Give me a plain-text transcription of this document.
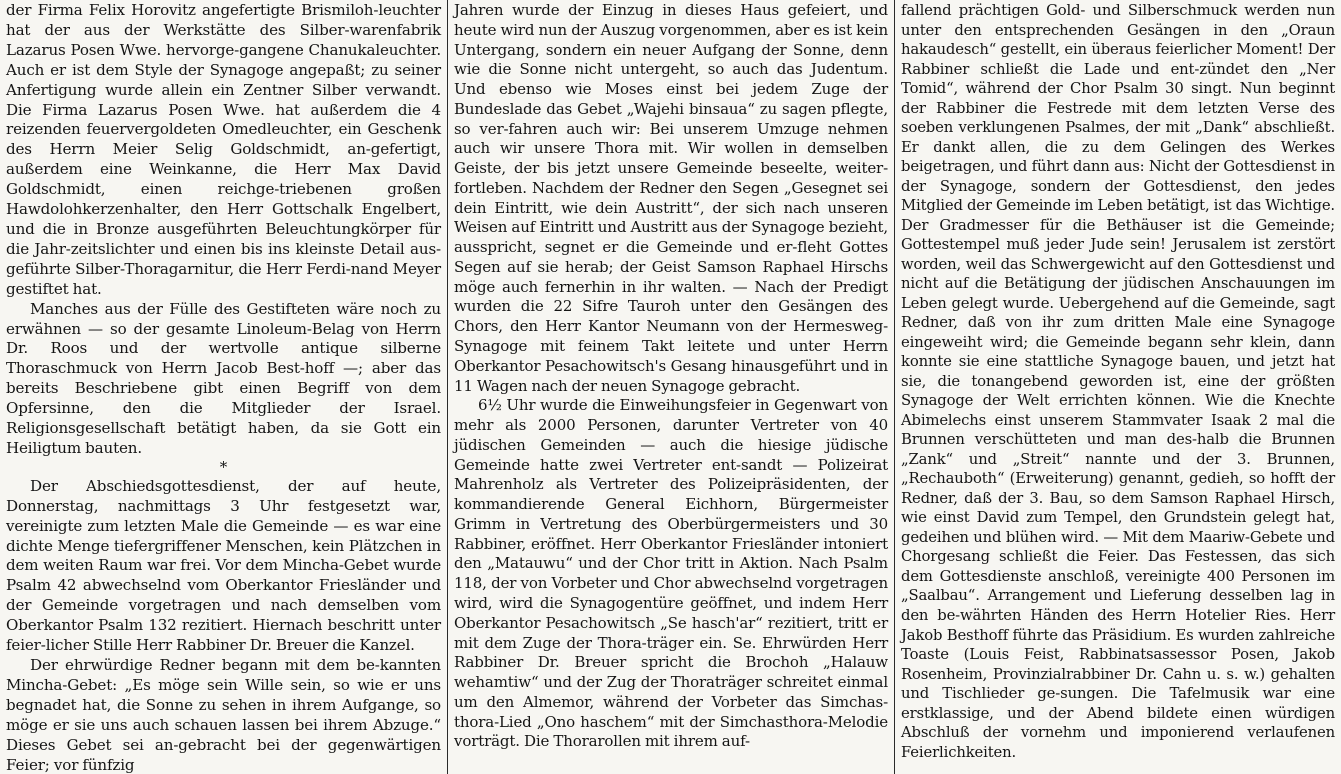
der Firma Felix Horovitz angefertigte Brismiloh-leuchter hat der aus der Werkstätte des Silber-warenfabrik Lazarus Posen Wwe. hervorge-gangene Chanukaleuchter. Auch er ist dem Style der Synagoge angepaßt; zu seiner Anfertigung wurde allein ein Zentner Silber verwandt. Die Firma Lazarus Posen Wwe. hat außerdem die 4 reizenden feuervergoldeten Omedleuchter, ein Geschenk des Herrn Meier Selig Goldschmidt, an-gefertigt, außerdem eine Weinkanne, die Herr Max David Goldschmidt, einen reichge-triebenen großen Hawdolohkerzenhalter, den Herr Gottschalk Engelbert, und die in Bronze ausgeführten Beleuchtungkörper für die Jahr-zeitslichter und einen bis ins kleinste Detail aus-geführte Silber-Thoragarnitur, die Herr Ferdi-nand Meyer gestiftet hat.

Manches aus der Fülle des Gestifteten wäre noch zu erwähnen — so der gesamte Linoleum-Belag von Herrn Dr. Roos und der wertvolle antique silberne Thoraschmuck von Herrn Jacob Best-hoff —; aber das bereits Beschriebene gibt einen Begriff von dem Opfersinne, den die Mitglieder der Israel. Religionsgesellschaft betätigt haben, da sie Gott ein Heiligtum bauten.

*

Der Abschiedsgottesdienst, der auf heute, Donnerstag, nachmittags 3 Uhr festgesetzt war, vereinigte zum letzten Male die Gemeinde — es war eine dichte Menge tiefergriffener Menschen, kein Plätzchen in dem weiten Raum war frei. Vor dem Mincha-Gebet wurde Psalm 42 abwechselnd vom Oberkantor Friesländer und der Gemeinde vorgetragen und nach demselben vom Oberkantor Psalm 132 rezitiert. Hiernach beschritt unter feier-licher Stille Herr Rabbiner Dr. Breuer die Kanzel.

Der ehrwürdige Redner begann mit dem be-kannten Mincha-Gebet: „Es möge sein Wille sein, so wie er uns begnadet hat, die Sonne zu sehen in ihrem Aufgange, so möge er sie uns auch schauen lassen bei ihrem Abzuge.“ Dieses Gebet sei an-gebracht bei der gegenwärtigen Feier; vor fünfzig

Jahren wurde der Einzug in dieses Haus gefeiert, und heute wird nun der Auszug vorgenommen, aber es ist kein Untergang, sondern ein neuer Aufgang der Sonne, denn wie die Sonne nicht untergeht, so auch das Judentum. Und ebenso wie Moses einst bei jedem Zuge der Bundeslade das Gebet „Wajehi binsaua“ zu sagen pflegte, so ver-fahren auch wir: Bei unserem Umzuge nehmen auch wir unsere Thora mit. Wir wollen in demselben Geiste, der bis jetzt unsere Gemeinde beseelte, weiter-fortleben. Nachdem der Redner den Segen „Gesegnet sei dein Eintritt, wie dein Austritt“, der sich nach unseren Weisen auf Eintritt und Austritt aus der Synagoge bezieht, ausspricht, segnet er die Gemeinde und er-fleht Gottes Segen auf sie herab; der Geist Samson Raphael Hirschs möge auch fernerhin in ihr walten. — Nach der Predigt wurden die 22 Sifre Tauroh unter den Gesängen des Chors, den Herr Kantor Neumann von der Hermesweg-Synagoge mit feinem Takt leitete und unter Herrn Oberkantor Pesachowitsch's Gesang hinausgeführt und in 11 Wagen nach der neuen Synagoge gebracht.

6½ Uhr wurde die Einweihungsfeier in Gegenwart von mehr als 2000 Personen, darunter Vertreter von 40 jüdischen Gemeinden — auch die hiesige jüdische Gemeinde hatte zwei Vertreter ent-sandt — Polizeirat Mahrenholz als Vertreter des Polizeipräsidenten, der kommandierende General Eichhorn, Bürgermeister Grimm in Vertretung des Oberbürgermeisters und 30 Rabbiner, eröffnet. Herr Oberkantor Friesländer intoniert den „Matauwu“ und der Chor tritt in Aktion. Nach Psalm 118, der von Vorbeter und Chor abwechselnd vorgetragen wird, wird die Synagogentüre geöffnet, und indem Herr Oberkantor Pesachowitsch „Se hasch'ar“ rezitiert, tritt er mit dem Zuge der Thora-träger ein. Se. Ehrwürden Herr Rabbiner Dr. Breuer spricht die Brochoh „Halauw wehamtiw“ und der Zug der Thoraträger schreitet einmal um den Almemor, während der Vorbeter das Simchas-thora-Lied „Ono haschem“ mit der Simchasthora-Melodie vorträgt. Die Thorarollen mit ihrem auf-

fallend prächtigen Gold- und Silberschmuck werden nun unter den entsprechenden Gesängen in den „Oraun hakaudesch“ gestellt, ein überaus feierlicher Moment! Der Rabbiner schließt die Lade und ent-zündet den „Ner Tomid“, während der Chor Psalm 30 singt. Nun beginnt der Rabbiner die Festrede mit dem letzten Verse des soeben verklungenen Psalmes, der mit „Dank“ abschließt. Er dankt allen, die zu dem Gelingen des Werkes beigetragen, und führt dann aus: Nicht der Gottesdienst in der Synagoge, sondern der Gottesdienst, den jedes Mitglied der Gemeinde im Leben betätigt, ist das Wichtige. Der Gradmesser für die Bethäuser ist die Gemeinde; Gottestempel muß jeder Jude sein! Jerusalem ist zerstört worden, weil das Schwergewicht auf den Gottesdienst und nicht auf die Betätigung der jüdischen Anschauungen im Leben gelegt wurde. Uebergehend auf die Gemeinde, sagt Redner, daß von ihr zum dritten Male eine Synagoge eingeweiht wird; die Gemeinde begann sehr klein, dann konnte sie eine stattliche Synagoge bauen, und jetzt hat sie, die tonangebend geworden ist, eine der größten Synagoge der Welt errichten können. Wie die Knechte Abimelechs einst unserem Stammvater Isaak 2 mal die Brunnen verschütteten und man des-halb die Brunnen „Zank“ und „Streit“ nannte und der 3. Brunnen, „Rechauboth“ (Erweiterung) genannt, gedieh, so hofft der Redner, daß der 3. Bau, so dem Samson Raphael Hirsch, wie einst David zum Tempel, den Grundstein gelegt hat, gedeihen und blühen wird. — Mit dem Maariw-Gebete und Chorgesang schließt die Feier. Das Festessen, das sich dem Gottesdienste anschloß, vereinigte 400 Personen im „Saalbau“. Arrangement und Lieferung desselben lag in den be-währten Händen des Herrn Hotelier Ries. Herr Jakob Besthoff führte das Präsidium. Es wurden zahlreiche Toaste (Louis Feist, Rabbinatsassessor Posen, Jakob Rosenheim, Provinzialrabbiner Dr. Cahn u. s. w.) gehalten und Tischlieder ge-sungen. Die Tafelmusik war eine erstklassige, und der Abend bildete einen würdigen Abschluß der vornehm und imponierend verlaufenen Feierlichkeiten.
